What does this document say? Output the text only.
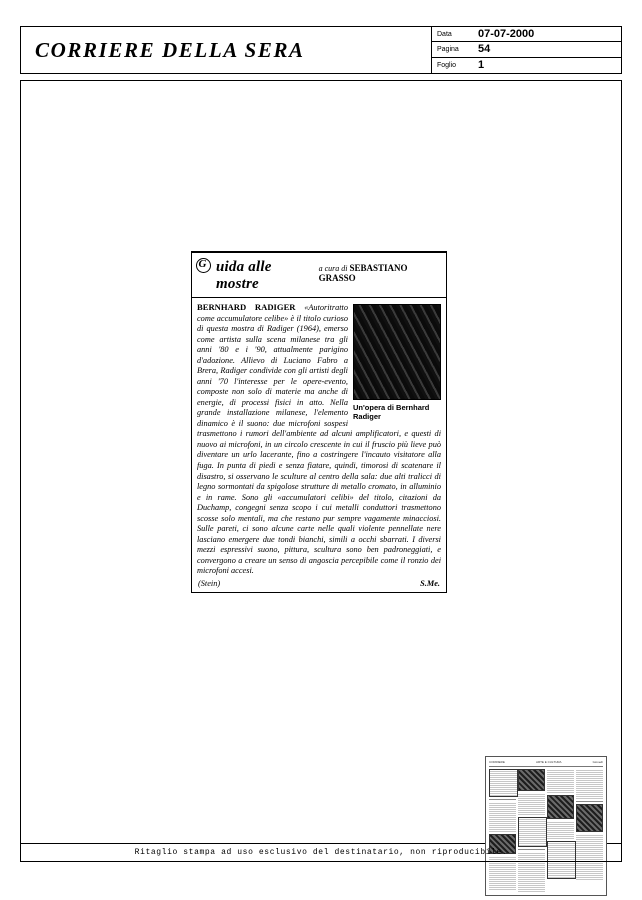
CORRIERE DELLA SERA
Data	07-07-2000
Pagina	54
Foglio	1
G
uida alle mostre
a cura di SEBASTIANO GRASSO
Un'opera di Bernhard Radiger
BERNHARD RADIGER «Autoritratto come accumulatore celibe» è il titolo curioso di questa mostra di Radiger (1964), emerso come artista sulla scena milanese tra gli anni '80 e i '90, attualmente parigino d'adozione. Allievo di Luciano Fabro a Brera, Radiger condivide con gli artisti degli anni '70 l'interesse per le opere-evento, composte non solo di materie ma anche di energie, di processi fisici in atto. Nella grande installazione milanese, l'elemento dinamico è il suono: due microfoni sospesi trasmettono i rumori dell'ambiente ad alcuni amplificatori, e questi di nuovo ai microfoni, in un circolo crescente in cui il fruscio più lieve può diventare un urlo lacerante, fino a costringere l'incauto visitatore alla fuga. In punta di piedi e senza fiatare, quindi, timorosi di scatenare il disastro, si osservano le sculture al centro della sala: due alti tralicci di legno sormontati da spigolose strutture di metallo cromato, in alluminio e in rame. Sono gli «accumulatori celibi» del titolo, citazioni da Duchamp, congegni senza scopo i cui metalli conduttori trasmettono scosse solo mentali, ma che restano pur sempre vagamente minacciosi. Sulle pareti, ci sono alcune carte nelle quali violente pennellate nere lasciano emergere due tondi bianchi, simili a occhi sbarrati. I diversi mezzi espressivi suono, pittura, scultura sono ben padroneggiati, e convergono a creare un senso di angoscia percepibile come il ronzio dei microfoni accesi.
(Stein)	S.Me.
CORRIERE	ARTE E CULTURA	Giovedì
Ritaglio stampa ad uso esclusivo del destinatario, non riproducibile.
